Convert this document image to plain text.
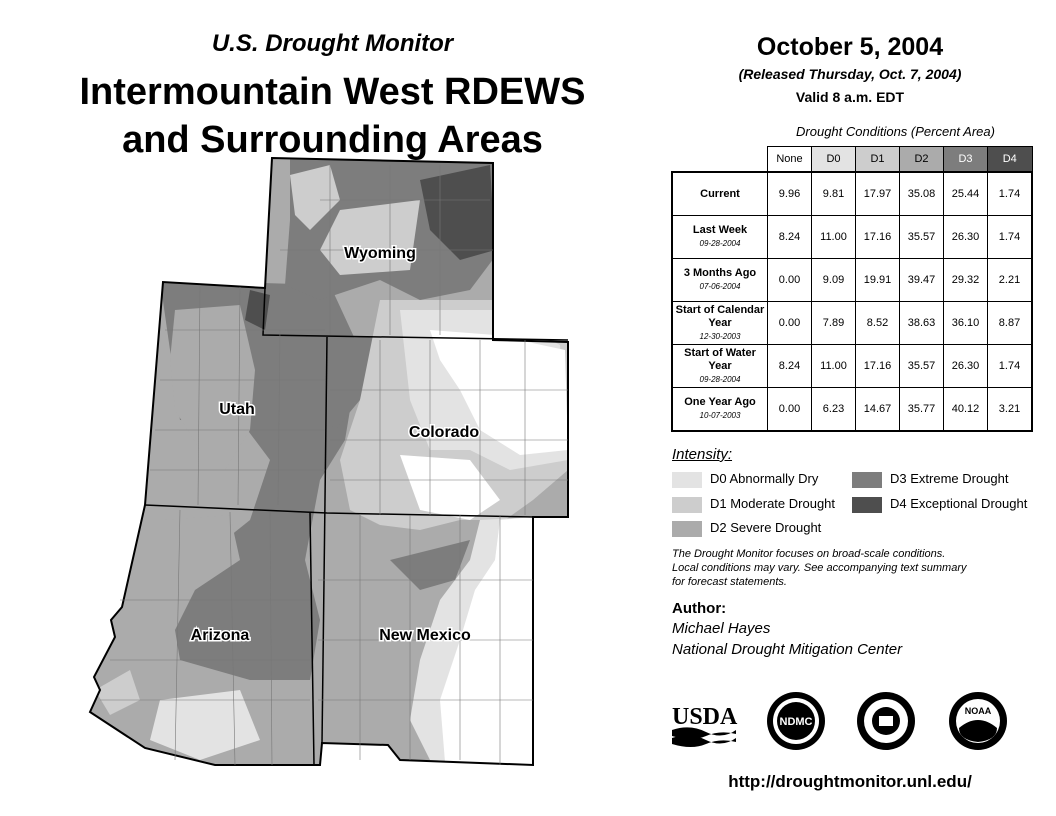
U.S. Drought Monitor
Intermountain West RDEWS
and Surrounding Areas
Wyoming
Utah
Colorado
Arizona	New Mexico
October 5, 2004
(Released Thursday, Oct. 7, 2004)
Valid 8 a.m. EDT
Drought Conditions (Percent Area)
	None	D0	D1	D2	D3	D4
Current	9.96	9.81	17.97	35.08	25.44	1.74
Last Week
09-28-2004	8.24	11.00	17.16	35.57	26.30	1.74
3 Months Ago
07-06-2004	0.00	9.09	19.91	39.47	29.32	2.21
Start of Calendar Year
12-30-2003	0.00	7.89	8.52	38.63	36.10	8.87
Start of Water Year
09-28-2004	8.24	11.00	17.16	35.57	26.30	1.74
One Year Ago
10-07-2003	0.00	6.23	14.67	35.77	40.12	3.21
Intensity:
D0 Abnormally Dry
D1 Moderate Drought
D2 Severe Drought
D3 Extreme Drought
D4 Exceptional Drought
The Drought Monitor focuses on broad-scale conditions.
Local conditions may vary. See accompanying text summary
for forecast statements.
Author:
Michael Hayes
National Drought Mitigation Center
USDA	NDMC
NOAA
http://droughtmonitor.unl.edu/
